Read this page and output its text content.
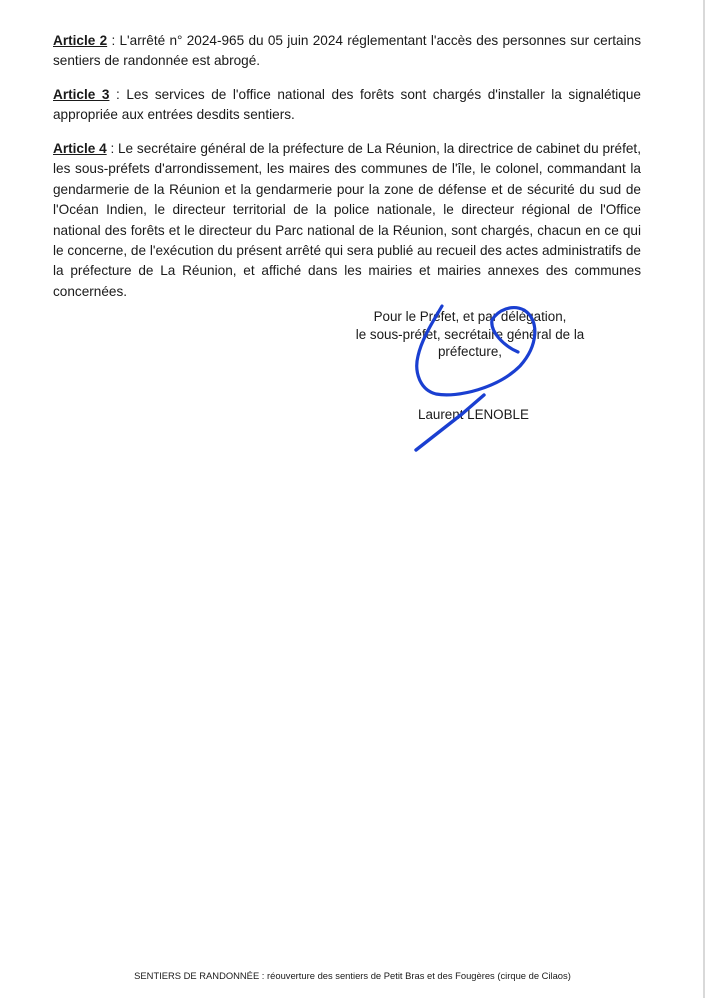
Article 2 : L'arrêté n° 2024-965 du 05 juin 2024 réglementant l'accès des personnes sur certains sentiers de randonnée est abrogé.

Article 3 : Les services de l'office national des forêts sont chargés d'installer la signalétique appropriée aux entrées desdits sentiers.

Article 4 : Le secrétaire général de la préfecture de La Réunion, la directrice de cabinet du préfet, les sous-préfets d'arrondissement, les maires des communes de l'île, le colonel, commandant la gendarmerie de la Réunion et la gendarmerie pour la zone de défense et de sécurité du sud de l'Océan Indien, le directeur territorial de la police nationale, le directeur régional de l'Office national des forêts et le directeur du Parc national de la Réunion, sont chargés, chacun en ce qui le concerne, de l'exécution du présent arrêté qui sera publié au recueil des actes administratifs de la préfecture de La Réunion, et affiché dans les mairies et mairies annexes des communes concernées.

Pour le Préfet, et par délégation,
le sous-préfet, secrétaire général de la
préfecture,
Laurent LENOBLE
SENTIERS DE RANDONNÉE : réouverture des sentiers de Petit Bras et des Fougères (cirque de Cilaos)
